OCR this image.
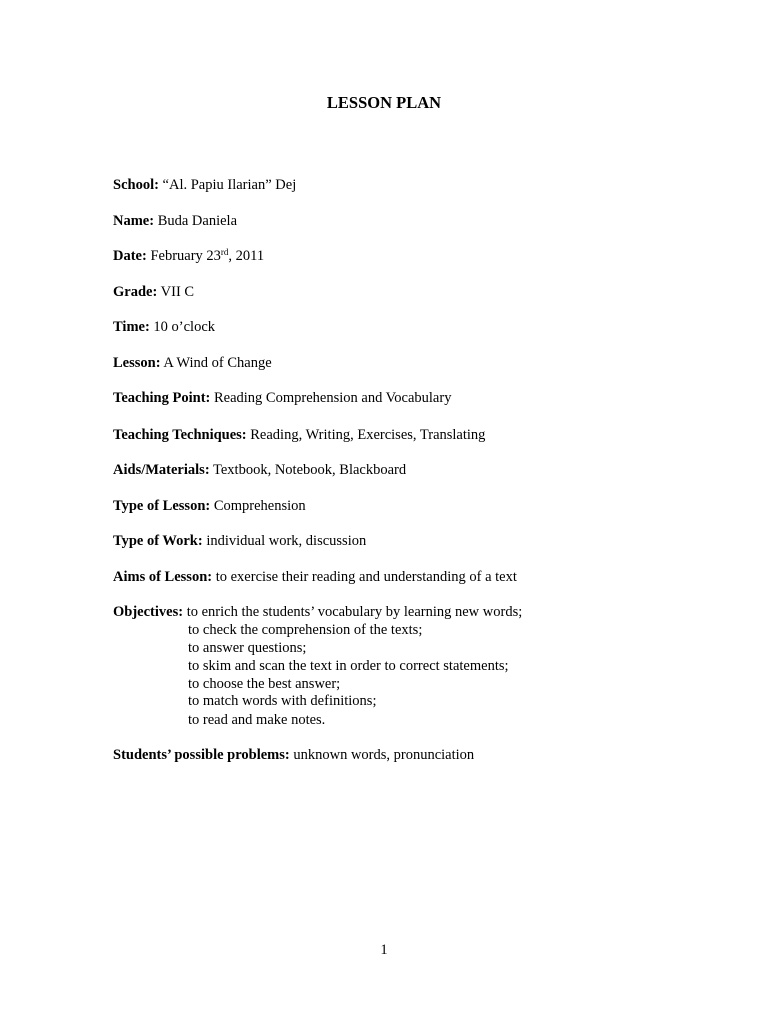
LESSON PLAN
School: “Al. Papiu Ilarian” Dej
Name: Buda Daniela
Date: February 23rd, 2011
Grade: VII C
Time: 10 o’clock
Lesson: A Wind of Change
Teaching Point: Reading Comprehension and Vocabulary
Teaching Techniques: Reading, Writing, Exercises, Translating
Aids/Materials: Textbook, Notebook, Blackboard
Type of Lesson: Comprehension
Type of Work: individual work, discussion
Aims of Lesson: to exercise their reading and understanding of a text
Objectives: to enrich the students’ vocabulary by learning new words;
to check the comprehension of the texts;
to answer questions;
to skim and scan the text in order to correct statements;
to choose the best answer;
to match words with definitions;
to read and make notes.
Students’ possible problems: unknown words, pronunciation
1
